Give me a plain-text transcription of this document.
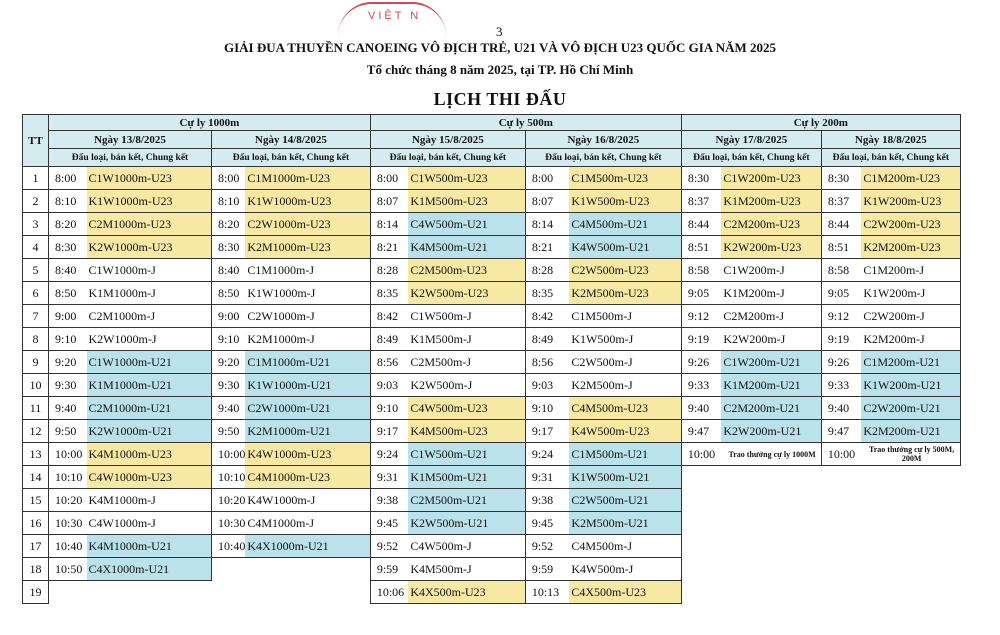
VIỆT N
3
GIẢI ĐUA THUYỀN CANOEING VÔ ĐỊCH TRẺ, U21 VÀ VÔ ĐỊCH U23 QUỐC GIA NĂM 2025
Tổ chức tháng 8 năm 2025, tại TP. Hồ Chí Minh
LỊCH THI ĐẤU
TT	Cự ly 1000m				Cự ly 500m				Cự ly 200m			
	Ngày 13/8/2025		Ngày 14/8/2025		Ngày 15/8/2025		Ngày 16/8/2025		Ngày 17/8/2025		Ngày 18/8/2025	
	Đấu loại, bán kết, Chung kết		Đấu loại, bán kết, Chung kết		Đấu loại, bán kết, Chung kết		Đấu loại, bán kết, Chung kết		Đấu loại, bán kết, Chung kết		Đấu loại, bán kết, Chung kết	
1	8:00	C1W1000m-U23	8:00	C1M1000m-U23	8:00	C1W500m-U23	8:00	C1M500m-U23	8:30	C1W200m-U23	8:30	C1M200m-U23
2	8:10	K1W1000m-U23	8:10	K1W1000m-U23	8:07	K1M500m-U23	8:07	K1W500m-U23	8:37	K1M200m-U23	8:37	K1W200m-U23
3	8:20	C2M1000m-U23	8:20	C2W1000m-U23	8:14	C4W500m-U21	8:14	C4M500m-U21	8:44	C2M200m-U23	8:44	C2W200m-U23
4	8:30	K2W1000m-U23	8:30	K2M1000m-U23	8:21	K4M500m-U21	8:21	K4W500m-U21	8:51	K2W200m-U23	8:51	K2M200m-U23
5	8:40	C1W1000m-J	8:40	C1M1000m-J	8:28	C2M500m-U23	8:28	C2W500m-U23	8:58	C1W200m-J	8:58	C1M200m-J
6	8:50	K1M1000m-J	8:50	K1W1000m-J	8:35	K2W500m-U23	8:35	K2M500m-U23	9:05	K1M200m-J	9:05	K1W200m-J
7	9:00	C2M1000m-J	9:00	C2W1000m-J	8:42	C1W500m-J	8:42	C1M500m-J	9:12	C2M200m-J	9:12	C2W200m-J
8	9:10	K2W1000m-J	9:10	K2M1000m-J	8:49	K1M500m-J	8:49	K1W500m-J	9:19	K2W200m-J	9:19	K2M200m-J
9	9:20	C1W1000m-U21	9:20	C1M1000m-U21	8:56	C2M500m-J	8:56	C2W500m-J	9:26	C1W200m-U21	9:26	C1M200m-U21
10	9:30	K1M1000m-U21	9:30	K1W1000m-U21	9:03	K2W500m-J	9:03	K2M500m-J	9:33	K1M200m-U21	9:33	K1W200m-U21
11	9:40	C2M1000m-U21	9:40	C2W1000m-U21	9:10	C4W500m-U23	9:10	C4M500m-U23	9:40	C2M200m-U21	9:40	C2W200m-U21
12	9:50	K2W1000m-U21	9:50	K2M1000m-U21	9:17	K4M500m-U23	9:17	K4W500m-U23	9:47	K2W200m-U21	9:47	K2M200m-U21
13	10:00	K4M1000m-U23	10:00	K4W1000m-U23	9:24	C1W500m-U21	9:24	C1M500m-U21	10:00	Trao thưởng cự ly 1000M	10:00	Trao thưởng cự ly 500M, 200M
14	10:10	C4W1000m-U23	10:10	C4M1000m-U23	9:31	K1M500m-U21	9:31	K1W500m-U21				
15	10:20	K4M1000m-J	10:20	K4W1000m-J	9:38	C2M500m-U21	9:38	C2W500m-U21				
16	10:30	C4W1000m-J	10:30	C4M1000m-J	9:45	K2W500m-U21	9:45	K2M500m-U21				
17	10:40	K4M1000m-U21	10:40	K4X1000m-U21	9:52	C4W500m-J	9:52	C4M500m-J				
18	10:50	C4X1000m-U21			9:59	K4M500m-J	9:59	K4W500m-J				
19					10:06	K4X500m-U23	10:13	C4X500m-U23				
